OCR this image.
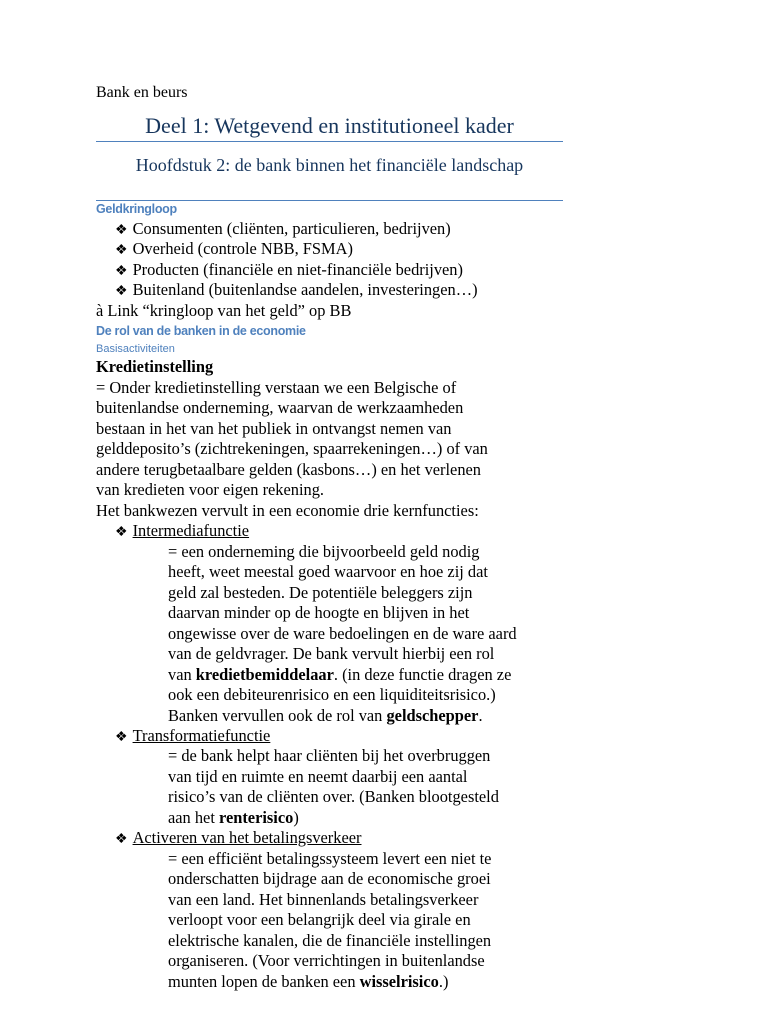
Bank en beurs
Deel 1: Wetgevend en institutioneel kader
Hoofdstuk 2: de bank binnen het financiële landschap
Geldkringloop
❖ Consumenten (cliënten, particulieren, bedrijven)
❖ Overheid (controle NBB, FSMA)
❖ Producten (financiële en niet-financiële bedrijven)
❖ Buitenland (buitenlandse aandelen, investeringen…)
à Link “kringloop van het geld” op BB
De rol van de banken in de economie
Basisactiviteiten
Kredietinstelling
= Onder kredietinstelling verstaan we een Belgische of
buitenlandse onderneming, waarvan de werkzaamheden
bestaan in het van het publiek in ontvangst nemen van
gelddeposito’s (zichtrekeningen, spaarrekeningen…) of van
andere terugbetaalbare gelden (kasbons…) en het verlenen
van kredieten voor eigen rekening.
Het bankwezen vervult in een economie drie kernfuncties:
❖ Intermediafunctie
= een onderneming die bijvoorbeeld geld nodig
heeft, weet meestal goed waarvoor en hoe zij dat
geld zal besteden. De potentiële beleggers zijn
daarvan minder op de hoogte en blijven in het
ongewisse over de ware bedoelingen en de ware aard
van de geldvrager. De bank vervult hierbij een rol
van kredietbemiddelaar. (in deze functie dragen ze
ook een debiteurenrisico en een liquiditeitsrisico.)
Banken vervullen ook de rol van geldschepper.
❖ Transformatiefunctie
= de bank helpt haar cliënten bij het overbruggen
van tijd en ruimte en neemt daarbij een aantal
risico’s van de cliënten over. (Banken blootgesteld
aan het renterisico)
❖ Activeren van het betalingsverkeer
= een efficiënt betalingssysteem levert een niet te
onderschatten bijdrage aan de economische groei
van een land. Het binnenlands betalingsverkeer
verloopt voor een belangrijk deel via girale en
elektrische kanalen, die de financiële instellingen
organiseren. (Voor verrichtingen in buitenlandse
munten lopen de banken een wisselrisico.)
